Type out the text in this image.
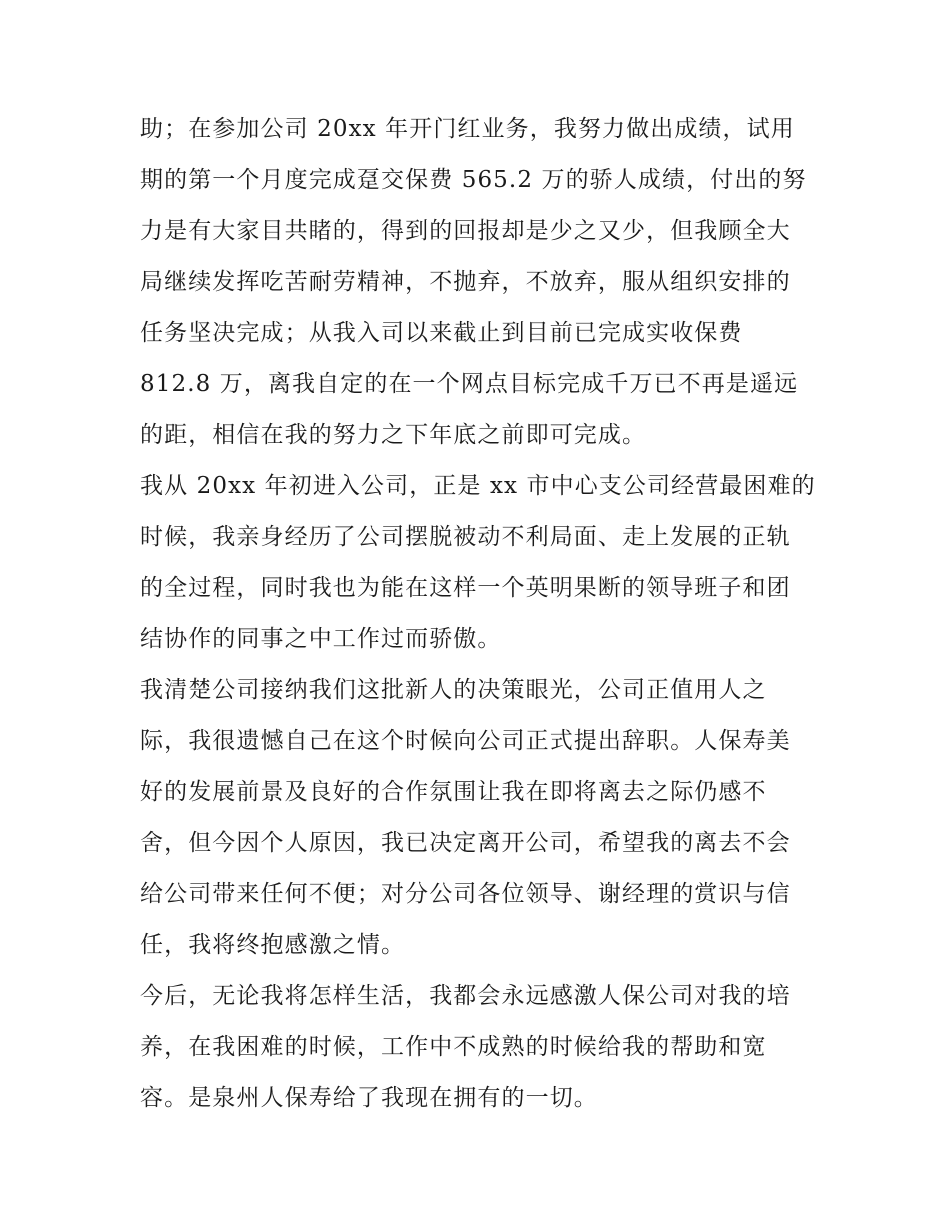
助；在参加公司 20xx 年开门红业务，我努力做出成绩，试用
期的第一个月度完成趸交保费 565.2 万的骄人成绩，付出的努
力是有大家目共睹的，得到的回报却是少之又少，但我顾全大
局继续发挥吃苦耐劳精神，不抛弃，不放弃，服从组织安排的
任务坚决完成；从我入司以来截止到目前已完成实收保费
812.8 万，离我自定的在一个网点目标完成千万已不再是遥远
的距，相信在我的努力之下年底之前即可完成。

我从 20xx 年初进入公司，正是 xx 市中心支公司经营最困难的
时候，我亲身经历了公司摆脱被动不利局面、走上发展的正轨
的全过程，同时我也为能在这样一个英明果断的领导班子和团
结协作的同事之中工作过而骄傲。

我清楚公司接纳我们这批新人的决策眼光，公司正值用人之
际，我很遗憾自己在这个时候向公司正式提出辞职。人保寿美
好的发展前景及良好的合作氛围让我在即将离去之际仍感不
舍，但今因个人原因，我已决定离开公司，希望我的离去不会
给公司带来任何不便；对分公司各位领导、谢经理的赏识与信
任，我将终抱感激之情。

今后，无论我将怎样生活，我都会永远感激人保公司对我的培
养，在我困难的时候，工作中不成熟的时候给我的帮助和宽
容。是泉州人保寿给了我现在拥有的一切。
